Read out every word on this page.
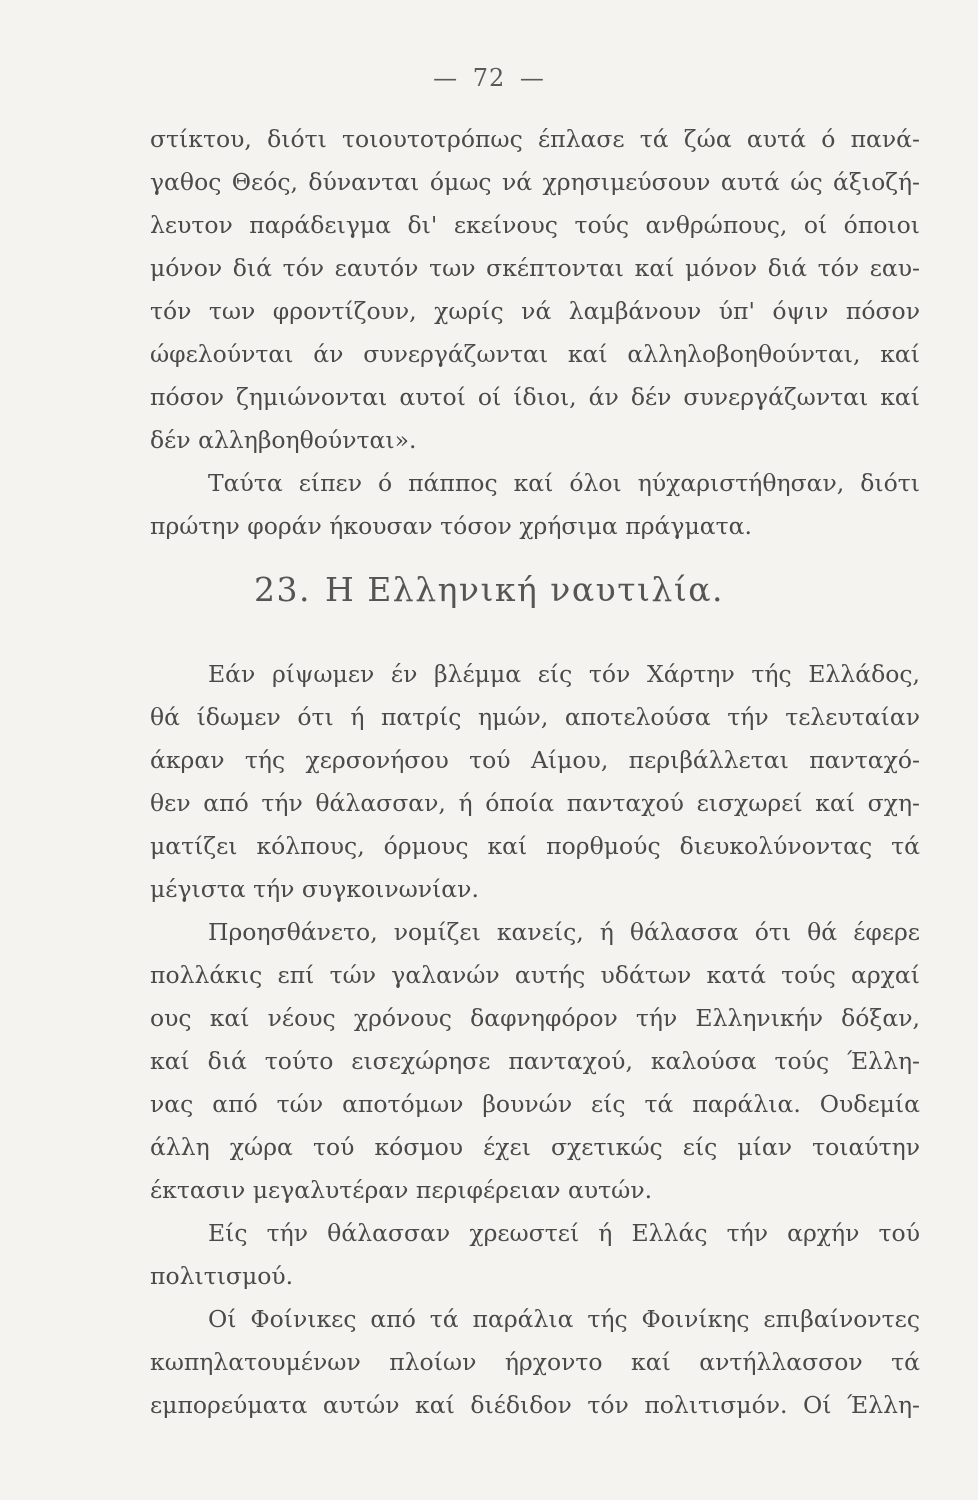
— 72 —
στίκτου, διότι τοιουτοτρόπως έπλασε τά ζώα αυτά ό πανά-
γαθος Θεός, δύνανται όμως νά χρησιμεύσουν αυτά ώς άξιοζή-
λευτον παράδειγμα δι' εκείνους τούς ανθρώπους, οί όποιοι
μόνον διά τόν εαυτόν των σκέπτονται καί μόνον διά τόν εαυ-
τόν των φροντίζουν, χωρίς νά λαμβάνουν ύπ' όψιν πόσον
ώφελούνται άν συνεργάζωνται καί αλληλοβοηθούνται, καί
πόσον ζημιώνονται αυτοί οί ίδιοι, άν δέν συνεργάζωνται καί
δέν αλληβοηθούνται».
Ταύτα είπεν ό πάππος καί όλοι ηύχαριστήθησαν, διότι
πρώτην φοράν ήκουσαν τόσον χρήσιμα πράγματα.
23. Η Ελληνική ναυτιλία.
Εάν ρίψωμεν έν βλέμμα είς τόν Χάρτην τής Ελλάδος,
θά ίδωμεν ότι ή πατρίς ημών, αποτελούσα τήν τελευταίαν
άκραν τής χερσονήσου τού Αίμου, περιβάλλεται πανταχό-
θεν από τήν θάλασσαν, ή όποία πανταχού εισχωρεί καί σχη-
ματίζει κόλπους, όρμους καί πορθμούς διευκολύνοντας τά
μέγιστα τήν συγκοινωνίαν.
Προησθάνετο, νομίζει κανείς, ή θάλασσα ότι θά έφερε
πολλάκις επί τών γαλανών αυτής υδάτων κατά τούς αρχαί
ους καί νέους χρόνους δαφνηφόρον τήν Ελληνικήν δόξαν,
καί διά τούτο εισεχώρησε πανταχού, καλούσα τούς Έλλη-
νας από τών αποτόμων βουνών είς τά παράλια. Ουδεμία
άλλη χώρα τού κόσμου έχει σχετικώς είς μίαν τοιαύτην
έκτασιν μεγαλυτέραν περιφέρειαν αυτών.
Είς τήν θάλασσαν χρεωστεί ή Ελλάς τήν αρχήν τού
πολιτισμού.
Οί Φοίνικες από τά παράλια τής Φοινίκης επιβαίνοντες
κωπηλατουμένων πλοίων ήρχοντο καί αντήλλασσον τά
εμπορεύματα αυτών καί διέδιδον τόν πολιτισμόν. Οί Έλλη-
